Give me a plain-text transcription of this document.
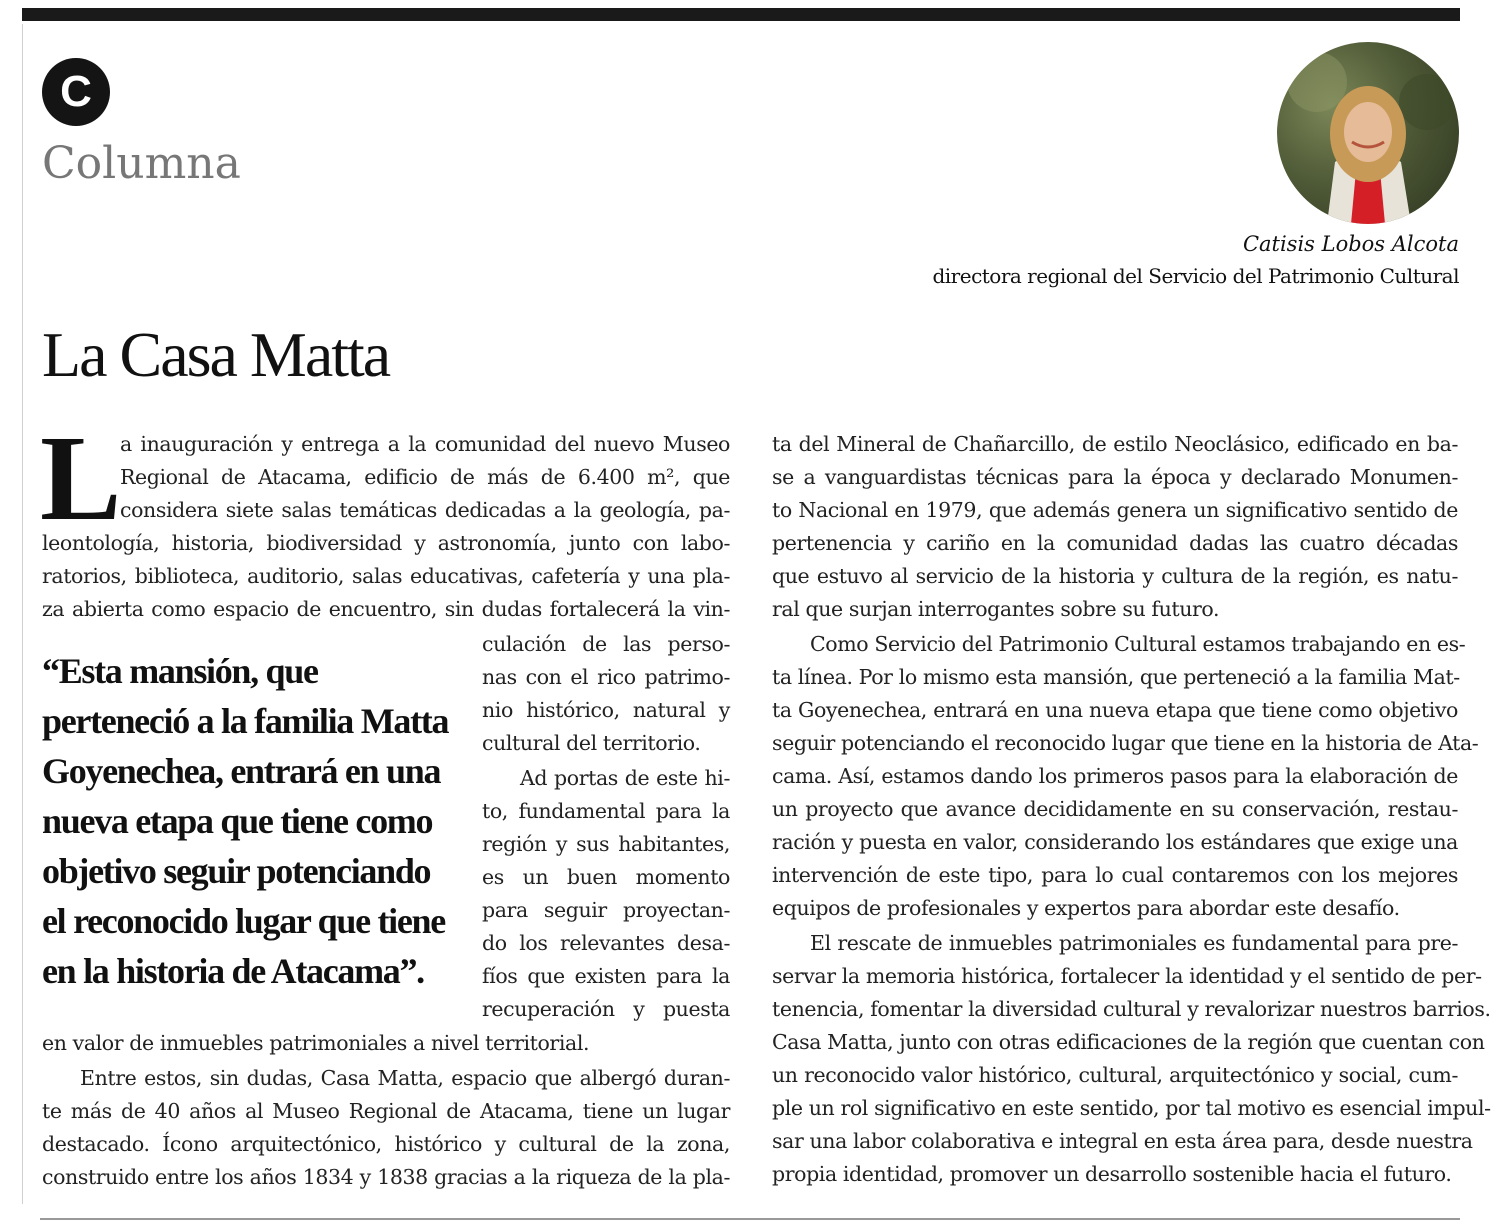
C
Columna
Catisis Lobos Alcota
directora regional del Servicio del Patrimonio Cultural
La Casa Matta
L
a inauguración y entrega a la comunidad del nuevo Museo
Regional de Atacama, edificio de más de 6.400 m², que
considera siete salas temáticas dedicadas a la geología, pa-
leontología, historia, biodiversidad y astronomía, junto con labo-
ratorios, biblioteca, auditorio, salas educativas, cafetería y una pla-
za abierta como espacio de encuentro, sin dudas fortalecerá la vin-
culación de las perso-
nas con el rico patrimo-
nio histórico, natural y
cultural del territorio.
Ad portas de este hi-
to, fundamental para la
región y sus habitantes,
es un buen momento
para seguir proyectan-
do los relevantes desa-
fíos que existen para la
recuperación y puesta
“Esta mansión, que
perteneció a la familia Matta
Goyenechea, entrará en una
nueva etapa que tiene como
objetivo seguir potenciando
el reconocido lugar que tiene
en la historia de Atacama”.
en valor de inmuebles patrimoniales a nivel territorial.
Entre estos, sin dudas, Casa Matta, espacio que albergó duran-
te más de 40 años al Museo Regional de Atacama, tiene un lugar
destacado. Ícono arquitectónico, histórico y cultural de la zona,
construido entre los años 1834 y 1838 gracias a la riqueza de la pla-
ta del Mineral de Chañarcillo, de estilo Neoclásico, edificado en ba-
se a vanguardistas técnicas para la época y declarado Monumen-
to Nacional en 1979, que además genera un significativo sentido de
pertenencia y cariño en la comunidad dadas las cuatro décadas
que estuvo al servicio de la historia y cultura de la región, es natu-
ral que surjan interrogantes sobre su futuro.
Como Servicio del Patrimonio Cultural estamos trabajando en es-
ta línea. Por lo mismo esta mansión, que perteneció a la familia Mat-
ta Goyenechea, entrará en una nueva etapa que tiene como objetivo
seguir potenciando el reconocido lugar que tiene en la historia de Ata-
cama. Así, estamos dando los primeros pasos para la elaboración de
un proyecto que avance decididamente en su conservación, restau-
ración y puesta en valor, considerando los estándares que exige una
intervención de este tipo, para lo cual contaremos con los mejores
equipos de profesionales y expertos para abordar este desafío.
El rescate de inmuebles patrimoniales es fundamental para pre-
servar la memoria histórica, fortalecer la identidad y el sentido de per-
tenencia, fomentar la diversidad cultural y revalorizar nuestros barrios.
Casa Matta, junto con otras edificaciones de la región que cuentan con
un reconocido valor histórico, cultural, arquitectónico y social, cum-
ple un rol significativo en este sentido, por tal motivo es esencial impul-
sar una labor colaborativa e integral en esta área para, desde nuestra
propia identidad, promover un desarrollo sostenible hacia el futuro.
